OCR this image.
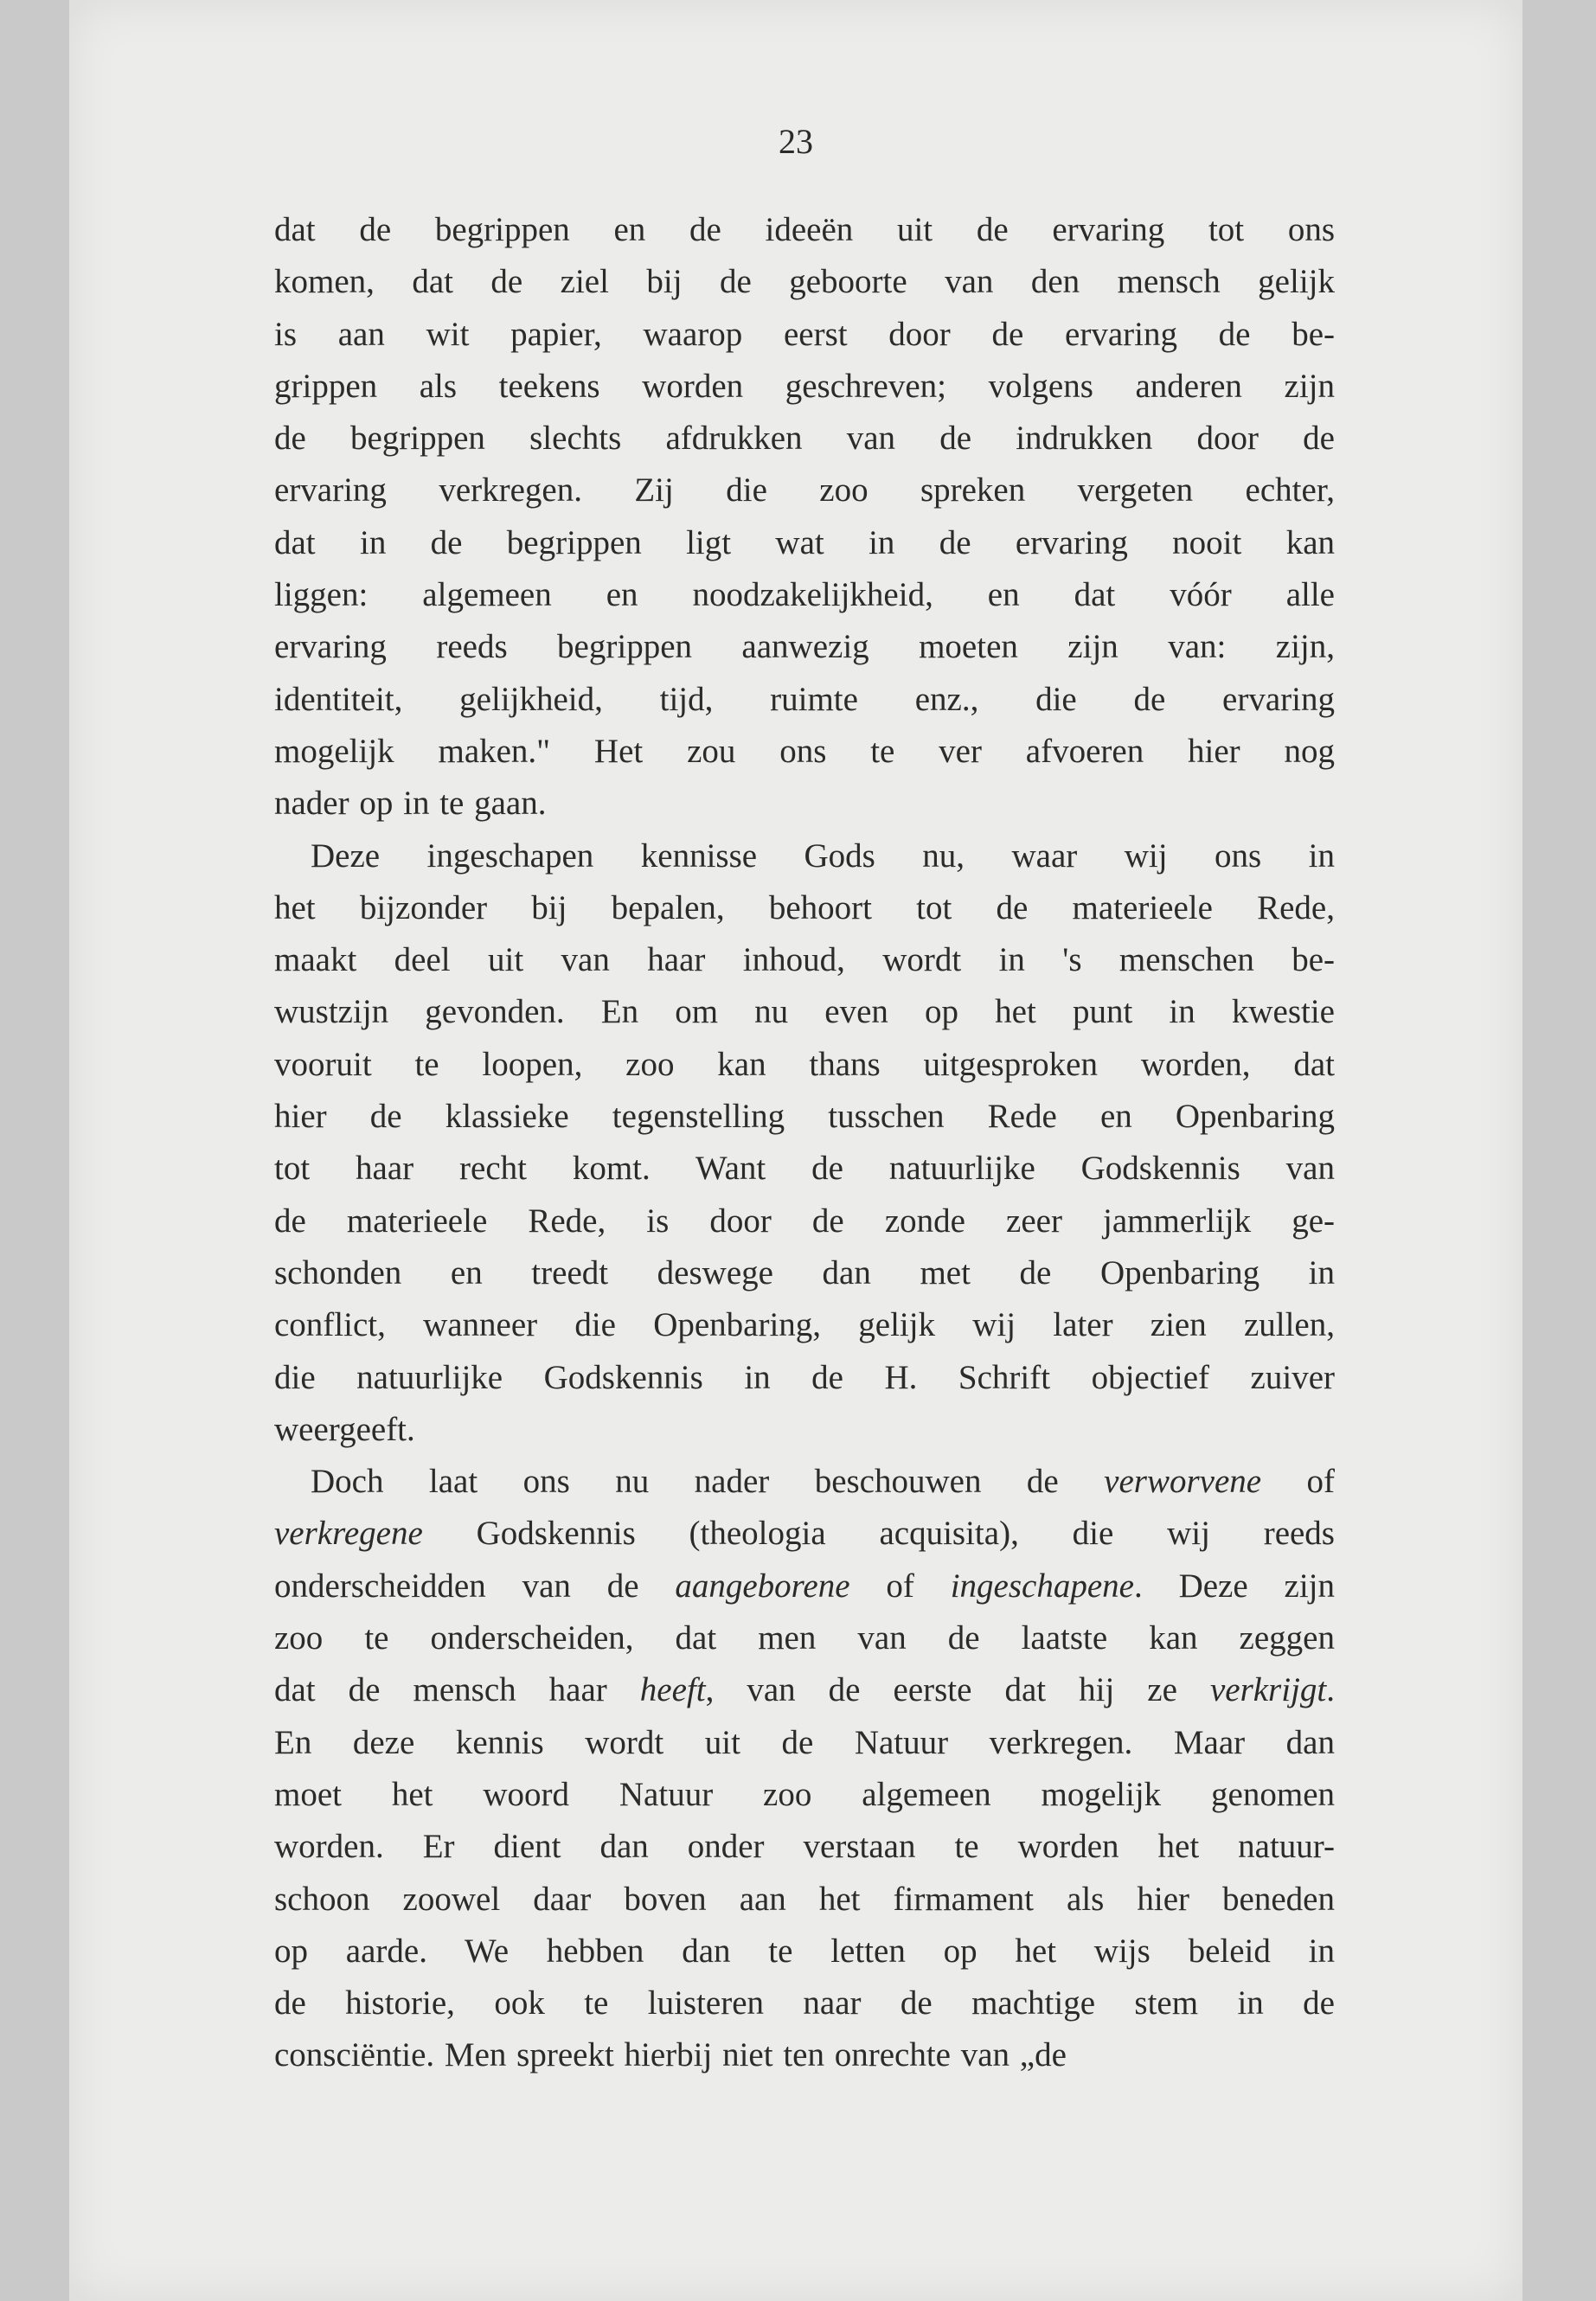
23
dat de begrippen en de ideeën uit de ervaring tot ons
komen, dat de ziel bij de geboorte van den mensch gelijk
is aan wit papier, waarop eerst door de ervaring de be-
grippen als teekens worden geschreven; volgens anderen zijn
de begrippen slechts afdrukken van de indrukken door de
ervaring verkregen. Zij die zoo spreken vergeten echter,
dat in de begrippen ligt wat in de ervaring nooit kan
liggen: algemeen en noodzakelijkheid, en dat vóór alle
ervaring reeds begrippen aanwezig moeten zijn van: zijn,
identiteit, gelijkheid, tijd, ruimte enz., die de ervaring
mogelijk maken." Het zou ons te ver afvoeren hier nog
nader op in te gaan.
Deze ingeschapen kennisse Gods nu, waar wij ons in
het bijzonder bij bepalen, behoort tot de materieele Rede,
maakt deel uit van haar inhoud, wordt in 's menschen be-
wustzijn gevonden. En om nu even op het punt in kwestie
vooruit te loopen, zoo kan thans uitgesproken worden, dat
hier de klassieke tegenstelling tusschen Rede en Openbaring
tot haar recht komt. Want de natuurlijke Godskennis van
de materieele Rede, is door de zonde zeer jammerlijk ge-
schonden en treedt deswege dan met de Openbaring in
conflict, wanneer die Openbaring, gelijk wij later zien zullen,
die natuurlijke Godskennis in de H. Schrift objectief zuiver
weergeeft.
Doch laat ons nu nader beschouwen de verworvene of
verkregene Godskennis (theologia acquisita), die wij reeds
onderscheidden van de aangeborene of ingeschapene. Deze zijn
zoo te onderscheiden, dat men van de laatste kan zeggen
dat de mensch haar heeft, van de eerste dat hij ze verkrijgt.
En deze kennis wordt uit de Natuur verkregen. Maar dan
moet het woord Natuur zoo algemeen mogelijk genomen
worden. Er dient dan onder verstaan te worden het natuur-
schoon zoowel daar boven aan het firmament als hier beneden
op aarde. We hebben dan te letten op het wijs beleid in
de historie, ook te luisteren naar de machtige stem in de
consciëntie. Men spreekt hierbij niet ten onrechte van „de
